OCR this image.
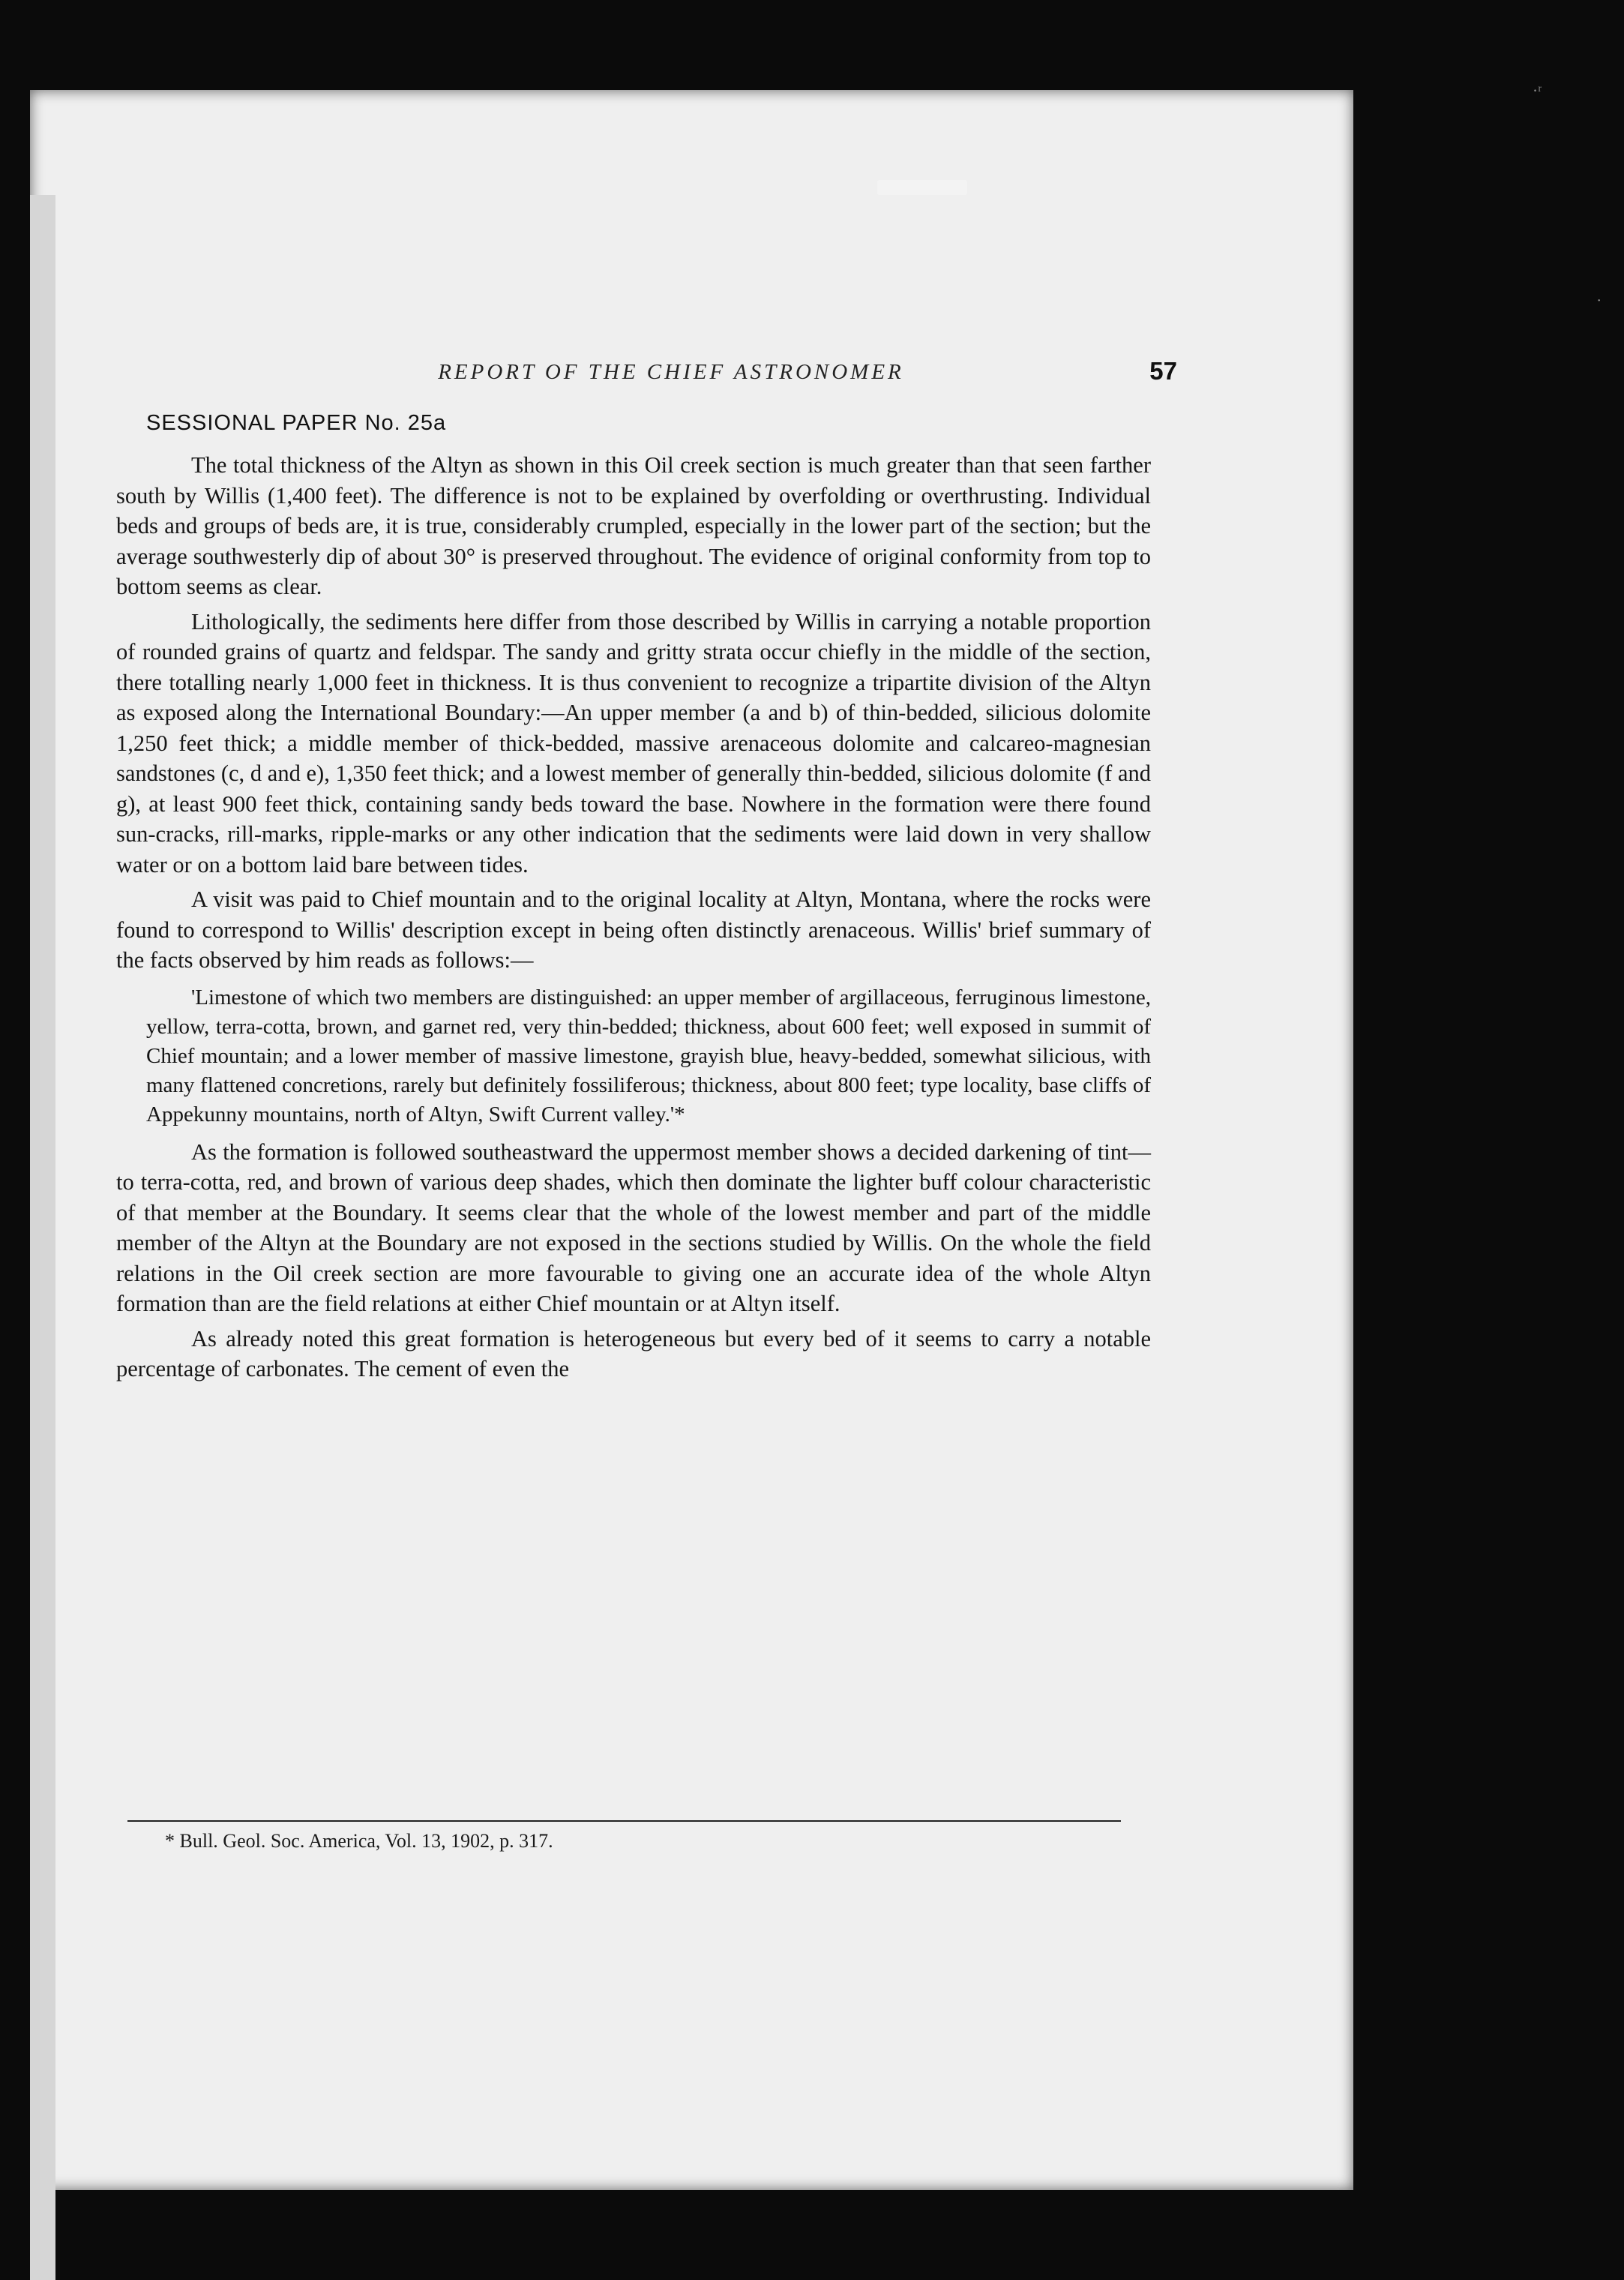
·ʳ
·
REPORT OF THE CHIEF ASTRONOMER	57
SESSIONAL PAPER No. 25a

The total thickness of the Altyn as shown in this Oil creek section is much greater than that seen farther south by Willis (1,400 feet). The difference is not to be explained by overfolding or overthrusting. Individual beds and groups of beds are, it is true, considerably crumpled, especially in the lower part of the section; but the average southwesterly dip of about 30° is preserved throughout. The evidence of original conformity from top to bottom seems as clear.

Lithologically, the sediments here differ from those described by Willis in carrying a notable proportion of rounded grains of quartz and feldspar. The sandy and gritty strata occur chiefly in the middle of the section, there totalling nearly 1,000 feet in thickness. It is thus convenient to recognize a tripartite division of the Altyn as exposed along the International Boundary:—An upper member (a and b) of thin-bedded, silicious dolomite 1,250 feet thick; a middle member of thick-bedded, massive arenaceous dolomite and calcareo-magnesian sandstones (c, d and e), 1,350 feet thick; and a lowest member of generally thin-bedded, silicious dolomite (f and g), at least 900 feet thick, containing sandy beds toward the base. Nowhere in the formation were there found sun-cracks, rill-marks, ripple-marks or any other indication that the sediments were laid down in very shallow water or on a bottom laid bare between tides.

A visit was paid to Chief mountain and to the original locality at Altyn, Montana, where the rocks were found to correspond to Willis' description except in being often distinctly arenaceous. Willis' brief summary of the facts observed by him reads as follows:—

'Limestone of which two members are distinguished: an upper member of argillaceous, ferruginous limestone, yellow, terra-cotta, brown, and garnet red, very thin-bedded; thickness, about 600 feet; well exposed in summit of Chief mountain; and a lower member of massive limestone, grayish blue, heavy-bedded, somewhat silicious, with many flattened concretions, rarely but definitely fossiliferous; thickness, about 800 feet; type locality, base cliffs of Appekunny mountains, north of Altyn, Swift Current valley.'*

As the formation is followed southeastward the uppermost member shows a decided darkening of tint—to terra-cotta, red, and brown of various deep shades, which then dominate the lighter buff colour characteristic of that member at the Boundary. It seems clear that the whole of the lowest member and part of the middle member of the Altyn at the Boundary are not exposed in the sections studied by Willis. On the whole the field relations in the Oil creek section are more favourable to giving one an accurate idea of the whole Altyn formation than are the field relations at either Chief mountain or at Altyn itself.

As already noted this great formation is heterogeneous but every bed of it seems to carry a notable percentage of carbonates. The cement of even the

* Bull. Geol. Soc. America, Vol. 13, 1902, p. 317.
